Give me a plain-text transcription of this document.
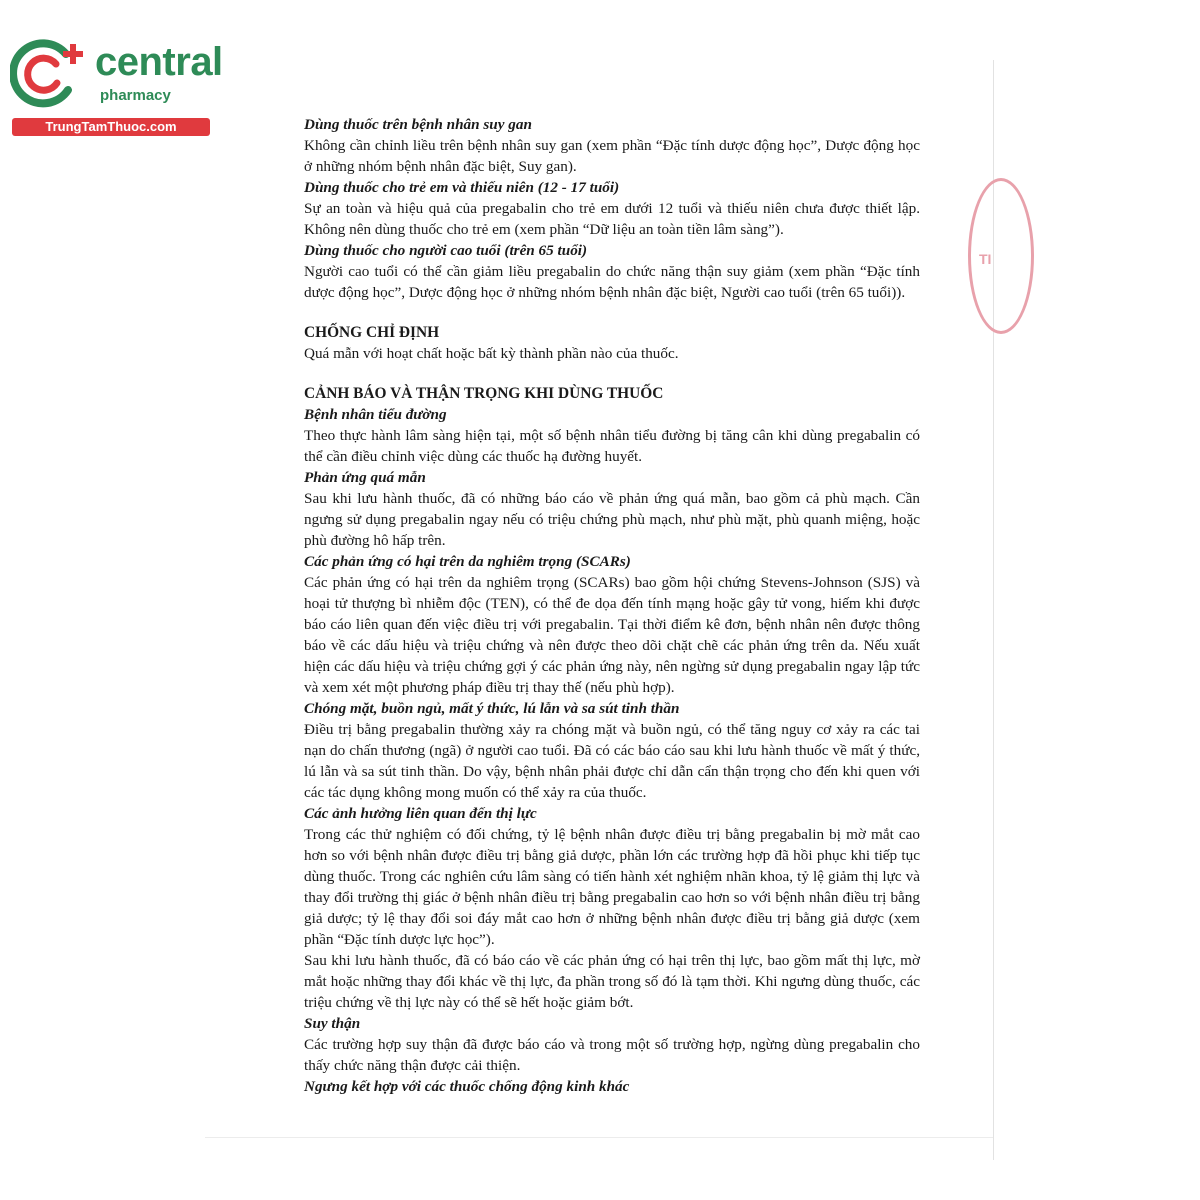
central
pharmacy
TrungTamThuoc.com
TI

Dùng thuốc trên bệnh nhân suy gan

Không cần chỉnh liều trên bệnh nhân suy gan (xem phần “Đặc tính dược động học”, Dược động học ở những nhóm bệnh nhân đặc biệt, Suy gan).

Dùng thuốc cho trẻ em và thiếu niên (12 - 17 tuổi)

Sự an toàn và hiệu quả của pregabalin cho trẻ em dưới 12 tuổi và thiếu niên chưa được thiết lập. Không nên dùng thuốc cho trẻ em (xem phần “Dữ liệu an toàn tiền lâm sàng”).

Dùng thuốc cho người cao tuổi (trên 65 tuổi)

Người cao tuổi có thể cần giảm liều pregabalin do chức năng thận suy giảm (xem phần “Đặc tính dược động học”, Dược động học ở những nhóm bệnh nhân đặc biệt, Người cao tuổi (trên 65 tuổi)).

CHỐNG CHỈ ĐỊNH

Quá mẫn với hoạt chất hoặc bất kỳ thành phần nào của thuốc.

CẢNH BÁO VÀ THẬN TRỌNG KHI DÙNG THUỐC

Bệnh nhân tiểu đường

Theo thực hành lâm sàng hiện tại, một số bệnh nhân tiểu đường bị tăng cân khi dùng pregabalin có thể cần điều chỉnh việc dùng các thuốc hạ đường huyết.

Phản ứng quá mẫn

Sau khi lưu hành thuốc, đã có những báo cáo về phản ứng quá mẫn, bao gồm cả phù mạch. Cần ngưng sử dụng pregabalin ngay nếu có triệu chứng phù mạch, như phù mặt, phù quanh miệng, hoặc phù đường hô hấp trên.

Các phản ứng có hại trên da nghiêm trọng (SCARs)

Các phản ứng có hại trên da nghiêm trọng (SCARs) bao gồm hội chứng Stevens-Johnson (SJS) và hoại tử thượng bì nhiễm độc (TEN), có thể đe dọa đến tính mạng hoặc gây tử vong, hiếm khi được báo cáo liên quan đến việc điều trị với pregabalin. Tại thời điểm kê đơn, bệnh nhân nên được thông báo về các dấu hiệu và triệu chứng và nên được theo dõi chặt chẽ các phản ứng trên da. Nếu xuất hiện các dấu hiệu và triệu chứng gợi ý các phản ứng này, nên ngừng sử dụng pregabalin ngay lập tức và xem xét một phương pháp điều trị thay thế (nếu phù hợp).

Chóng mặt, buồn ngủ, mất ý thức, lú lẫn và sa sút tinh thần

Điều trị bằng pregabalin thường xảy ra chóng mặt và buồn ngủ, có thể tăng nguy cơ xảy ra các tai nạn do chấn thương (ngã) ở người cao tuổi. Đã có các báo cáo sau khi lưu hành thuốc về mất ý thức, lú lẫn và sa sút tinh thần. Do vậy, bệnh nhân phải được chỉ dẫn cẩn thận trọng cho đến khi quen với các tác dụng không mong muốn có thể xảy ra của thuốc.

Các ảnh hưởng liên quan đến thị lực

Trong các thử nghiệm có đối chứng, tỷ lệ bệnh nhân được điều trị bằng pregabalin bị mờ mắt cao hơn so với bệnh nhân được điều trị bằng giả dược, phần lớn các trường hợp đã hồi phục khi tiếp tục dùng thuốc. Trong các nghiên cứu lâm sàng có tiến hành xét nghiệm nhãn khoa, tỷ lệ giảm thị lực và thay đổi trường thị giác ở bệnh nhân điều trị bằng pregabalin cao hơn so với bệnh nhân điều trị bằng giả dược; tỷ lệ thay đổi soi đáy mắt cao hơn ở những bệnh nhân được điều trị bằng giả dược (xem phần “Đặc tính dược lực học”).

Sau khi lưu hành thuốc, đã có báo cáo về các phản ứng có hại trên thị lực, bao gồm mất thị lực, mờ mắt hoặc những thay đổi khác về thị lực, đa phần trong số đó là tạm thời. Khi ngưng dùng thuốc, các triệu chứng về thị lực này có thể sẽ hết hoặc giảm bớt.

Suy thận

Các trường hợp suy thận đã được báo cáo và trong một số trường hợp, ngừng dùng pregabalin cho thấy chức năng thận được cải thiện.

Ngưng kết hợp với các thuốc chống động kinh khác
